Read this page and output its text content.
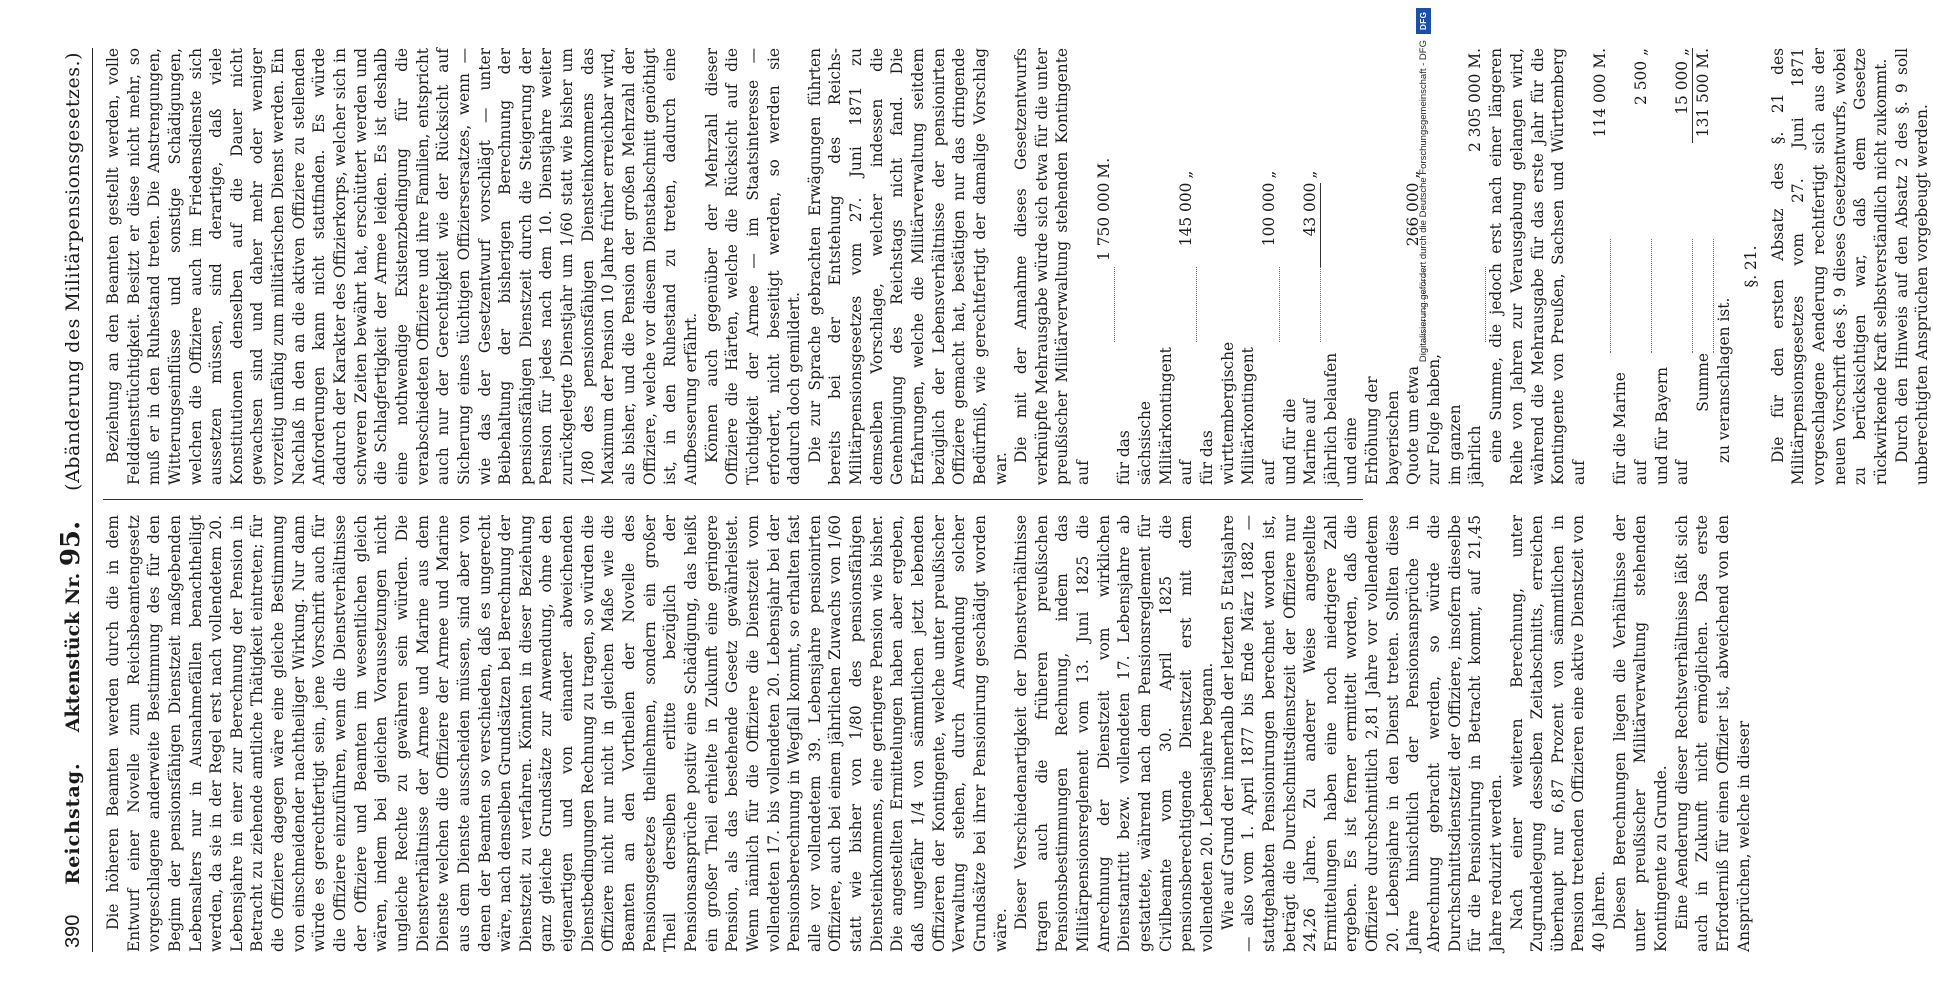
390
Reichstag.
Aktenstück Nr. 95.
(Abänderung des Militärpensionsgesetzes.)

Die höheren Beamten werden durch die in dem Entwurf einer Novelle zum Reichsbeamtengesetz vorgeschlagene anderweite Bestimmung des für den Beginn der pensionsfähigen Dienstzeit maßgebenden Lebensalters nur in Ausnahmefällen benachtheiligt werden, da sie in der Regel erst nach vollendetem 20. Lebensjahre in einer zur Berechnung der Pension in Betracht zu ziehende amtliche Thätigkeit eintreten; für die Offiziere dagegen wäre eine gleiche Bestimmung von einschneidender nachtheiliger Wirkung. Nur dann würde es gerechtfertigt sein, jene Vorschrift auch für die Offiziere einzuführen, wenn die Dienstverhältnisse der Offiziere und Beamten im wesentlichen gleich wären, indem bei gleichen Voraussetzungen nicht ungleiche Rechte zu gewähren sein würden. Die Dienstverhältnisse der Armee und Marine aus dem Dienste welchen die Offiziere der Armee und Marine aus dem Dienste ausscheiden müssen, sind aber von denen der Beamten so verschieden, daß es ungerecht wäre, nach denselben Grundsätzen bei Berechnung der Dienstzeit zu verfahren. Könnten in dieser Beziehung ganz gleiche Grundsätze zur Anwendung, ohne den eigenartigen und von einander abweichenden Dienstbedingungen Rechnung zu tragen, so würden die Offiziere nicht nur nicht in gleichen Maße wie die Beamten an den Vortheilen der Novelle des Pensionsgesetzes theilnehmen, sondern ein großer Theil derselben erlitte bezüglich der Pensionsansprüche positiv eine Schädigung, das heißt ein großer Theil erhielte in Zukunft eine geringere Pension, als das bestehende Gesetz gewährleistet. Wenn nämlich für die Offiziere die Dienstzeit vom vollendeten 17. bis vollendeten 20. Lebensjahr bei der Pensionsberechnung in Wegfall kommt, so erhalten fast alle vor vollendetem 39. Lebensjahre pensionirten Offiziere, auch bei einem jährlichen Zuwachs von 1/60 statt wie bisher von 1/80 des pensionsfähigen Diensteinkommens, eine geringere Pension wie bisher. Die angestellten Ermittelungen haben aber ergeben, daß ungefähr 1/4 von sämmtlichen jetzt lebenden Offizieren der Kontingente, welche unter preußischer Verwaltung stehen, durch Anwendung solcher Grundsätze bei ihrer Pensionirung geschädigt worden wäre.

Dieser Verschiedenartigkeit der Dienstverhältnisse tragen auch die früheren preußischen Pensionsbestimmungen Rechnung, indem das Militärpensionsreglement vom 13. Juni 1825 die Anrechnung der Dienstzeit vom wirklichen Dienstantritt bezw. vollendeten 17. Lebensjahre ab gestattete, während nach dem Pensionsreglement für Civilbeamte vom 30. April 1825 die pensionsberechtigende Dienstzeit erst mit dem vollendeten 20. Lebensjahre begann. Wie auf Grund der innerhalb der letzten 5 Etatsjahre — also vom 1. April 1877 bis Ende März 1882 — stattgehabten Pensionirungen berechnet worden ist, beträgt die Durchschnittsdienstzeit der Offiziere nur 24,26 Jahre. Zu anderer Weise angestellte Ermittelungen haben eine noch niedrigere Zahl ergeben. Es ist ferner ermittelt worden, daß die Offiziere durchschnittlich 2,81 Jahre vor vollendetem 20. Lebensjahre in den Dienst treten. Sollten diese Jahre hinsichtlich der Pensionsansprüche in Abrechnung gebracht werden, so würde die Durchschnittsdienstzeit der Offiziere, insofern dieselbe für die Pensionirung in Betracht kommt, auf 21,45 Jahre reduzirt werden. Nach einer weiteren Berechnung, unter Zugrundelegung desselben Zeitabschnitts, erreichen überhaupt nur 6,87 Prozent von sämmtlichen in Pension tretenden Offizieren eine aktive Dienstzeit von 40 Jahren. Diesen Berechnungen liegen die Verhältnisse der unter preußischer Militärverwaltung stehenden Kontingente zu Grunde. Eine Aenderung dieser Rechtsverhältnisse läßt sich auch in Zukunft nicht ermöglichen. Das erste Erforderniß für einen Offizier ist, abweichend von den Ansprüchen, welche in dieser

Beziehung an den Beamten gestellt werden, volle Felddiensttüchtigkeit. Besitzt er diese nicht mehr, so muß er in den Ruhestand treten. Die Anstrengungen, Witterungseinflüsse und sonstige Schädigungen, welchen die Offiziere auch im Friedensdienste sich aussetzen müssen, sind derartige, daß viele Konstitutionen denselben auf die Dauer nicht gewachsen sind und daher mehr oder weniger vorzeitig unfähig zum militärischen Dienst werden. Ein Nachlaß in den an die aktiven Offiziere zu stellenden Anforderungen kann nicht stattfinden. Es würde dadurch der Karakter des Offizierkorps, welcher sich in schweren Zeiten bewährt hat, erschüttert werden und die Schlagfertigkeit der Armee leiden. Es ist deshalb eine nothwendige Existenzbedingung für die verabschiedeten Offiziere und ihre Familien, entspricht auch nur der Gerechtigkeit wie der Rücksicht auf Sicherung eines tüchtigen Offiziersersatzes, wenn — wie das der Gesetzentwurf vorschlägt — unter Beibehaltung der bisherigen Berechnung der pensionsfähigen Dienstzeit durch die Steigerung der Pension für jedes nach dem 10. Dienstjahre weiter zurückgelegte Dienstjahr um 1/60 statt wie bisher um 1/80 des pensionsfähigen Diensteinkommens das Maximum der Pension 10 Jahre früher erreichbar wird, als bisher, und die Pension der großen Mehrzahl der Offiziere, welche vor diesem Dienstabschnitt genöthigt ist, in den Ruhestand zu treten, dadurch eine Aufbesserung erfährt. Können auch gegenüber der Mehrzahl dieser Offiziere die Härten, welche die Rücksicht auf die Tüchtigkeit der Armee — im Staatsinteresse — erfordert, nicht beseitigt werden, so werden sie dadurch doch gemildert. Die zur Sprache gebrachten Erwägungen führten bereits bei der Entstehung des Reichs-Militärpensionsgesetzes vom 27. Juni 1871 zu demselben Vorschlage, welcher indessen die Genehmigung des Reichstags nicht fand. Die Erfahrungen, welche die Militärverwaltung seitdem bezüglich der Lebensverhältnisse der pensionirten Offiziere gemacht hat, bestätigen nur das dringende Bedürfniß, wie gerechtfertigt der damalige Vorschlag war.

Die mit der Annahme dieses Gesetzentwurfs verknüpfte Mehrausgabe würde sich etwa für die unter preußischer Militärverwaltung stehenden Kontingente auf

		1 750 000	M.	
für das sächsische Militärkontingent auf		145 000	„	
für das württembergische Militärkontingent auf		100 000	„	
und für die Marine auf		43 000	„	
jährlich belaufen und eine Erhöhung der bayerischen Quote um etwa		266 000	„	
zur Folge haben, im ganzen jährlich				2 305 000 M. eine Summe, die jedoch erst nach einer längeren Reihe von Jahren zur Verausgabung gelangen wird, während die Mehrausgabe für das erste Jahr für die Kontingente von Preußen, Sachsen und Württemberg auf

				114 000 M.
für die Marine auf				2 500 „
und für Bayern auf				15 000 „
Summe				131 500 M.

zu veranschlagen ist.

§. 21. Die für den ersten Absatz des §. 21 des Militärpensionsgesetzes vom 27. Juni 1871 vorgeschlagene Aenderung rechtfertigt sich aus der neuen Vorschrift des §. 9 dieses Gesetzentwurfs, wobei zu berücksichtigen war, daß dem Gesetze rückwirkende Kraft selbstverständlich nicht zukommt. Durch den Hinweis auf den Absatz 2 des §. 9 soll unberechtigten Ansprüchen vorgebeugt werden.

DFG
Digitalisierung gefördert durch die Deutsche Forschungsgemeinschaft - DFG
